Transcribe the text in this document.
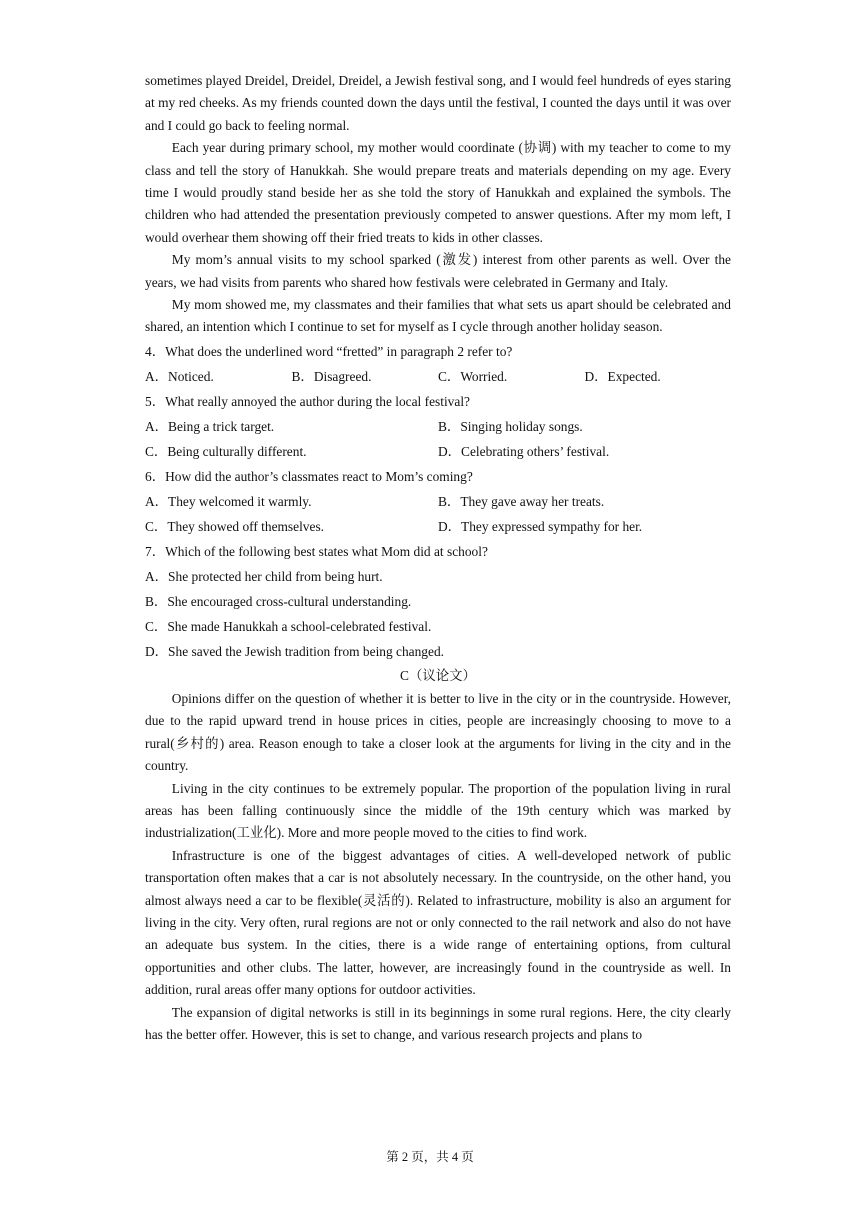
sometimes played Dreidel, Dreidel, Dreidel, a Jewish festival song, and I would feel hundreds of eyes staring at my red cheeks. As my friends counted down the days until the festival, I counted the days until it was over and I could go back to feeling normal.

Each year during primary school, my mother would coordinate (协调) with my teacher to come to my class and tell the story of Hanukkah. She would prepare treats and materials depending on my age. Every time I would proudly stand beside her as she told the story of Hanukkah and explained the symbols. The children who had attended the presentation previously competed to answer questions. After my mom left, I would overhear them showing off their fried treats to kids in other classes.

My mom’s annual visits to my school sparked (激发) interest from other parents as well. Over the years, we had visits from parents who shared how festivals were celebrated in Germany and Italy.

My mom showed me, my classmates and their families that what sets us apart should be celebrated and shared, an intention which I continue to set for myself as I cycle through another holiday season.

4．What does the underlined word “fretted” in paragraph 2 refer to?

A．Noticed.	B．Disagreed.	C．Worried.	D．Expected.

5．What really annoyed the author during the local festival?

A．Being a trick target.	B．Singing holiday songs.
C．Being culturally different.	D．Celebrating others’ festival.

6．How did the author’s classmates react to Mom’s coming?

A．They welcomed it warmly.	B．They gave away her treats.
C．They showed off themselves.	D．They expressed sympathy for her.

7．Which of the following best states what Mom did at school?

A．She protected her child from being hurt.
B．She encouraged cross-cultural understanding.
C．She made Hanukkah a school-celebrated festival.
D．She saved the Jewish tradition from being changed.

C（议论文）

Opinions differ on the question of whether it is better to live in the city or in the countryside. However, due to the rapid upward trend in house prices in cities, people are increasingly choosing to move to a rural(乡村的) area. Reason enough to take a closer look at the arguments for living in the city and in the country.

Living in the city continues to be extremely popular. The proportion of the population living in rural areas has been falling continuously since the middle of the 19th century which was marked by industrialization(工业化). More and more people moved to the cities to find work.

Infrastructure is one of the biggest advantages of cities. A well-developed network of public transportation often makes that a car is not absolutely necessary. In the countryside, on the other hand, you almost always need a car to be flexible(灵活的). Related to infrastructure, mobility is also an argument for living in the city. Very often, rural regions are not or only connected to the rail network and also do not have an adequate bus system. In the cities, there is a wide range of entertaining options, from cultural opportunities and other clubs. The latter, however, are increasingly found in the countryside as well. In addition, rural areas offer many options for outdoor activities.

The expansion of digital networks is still in its beginnings in some rural regions. Here, the city clearly has the better offer. However, this is set to change, and various research projects and plans to

第 2 页，共 4 页
